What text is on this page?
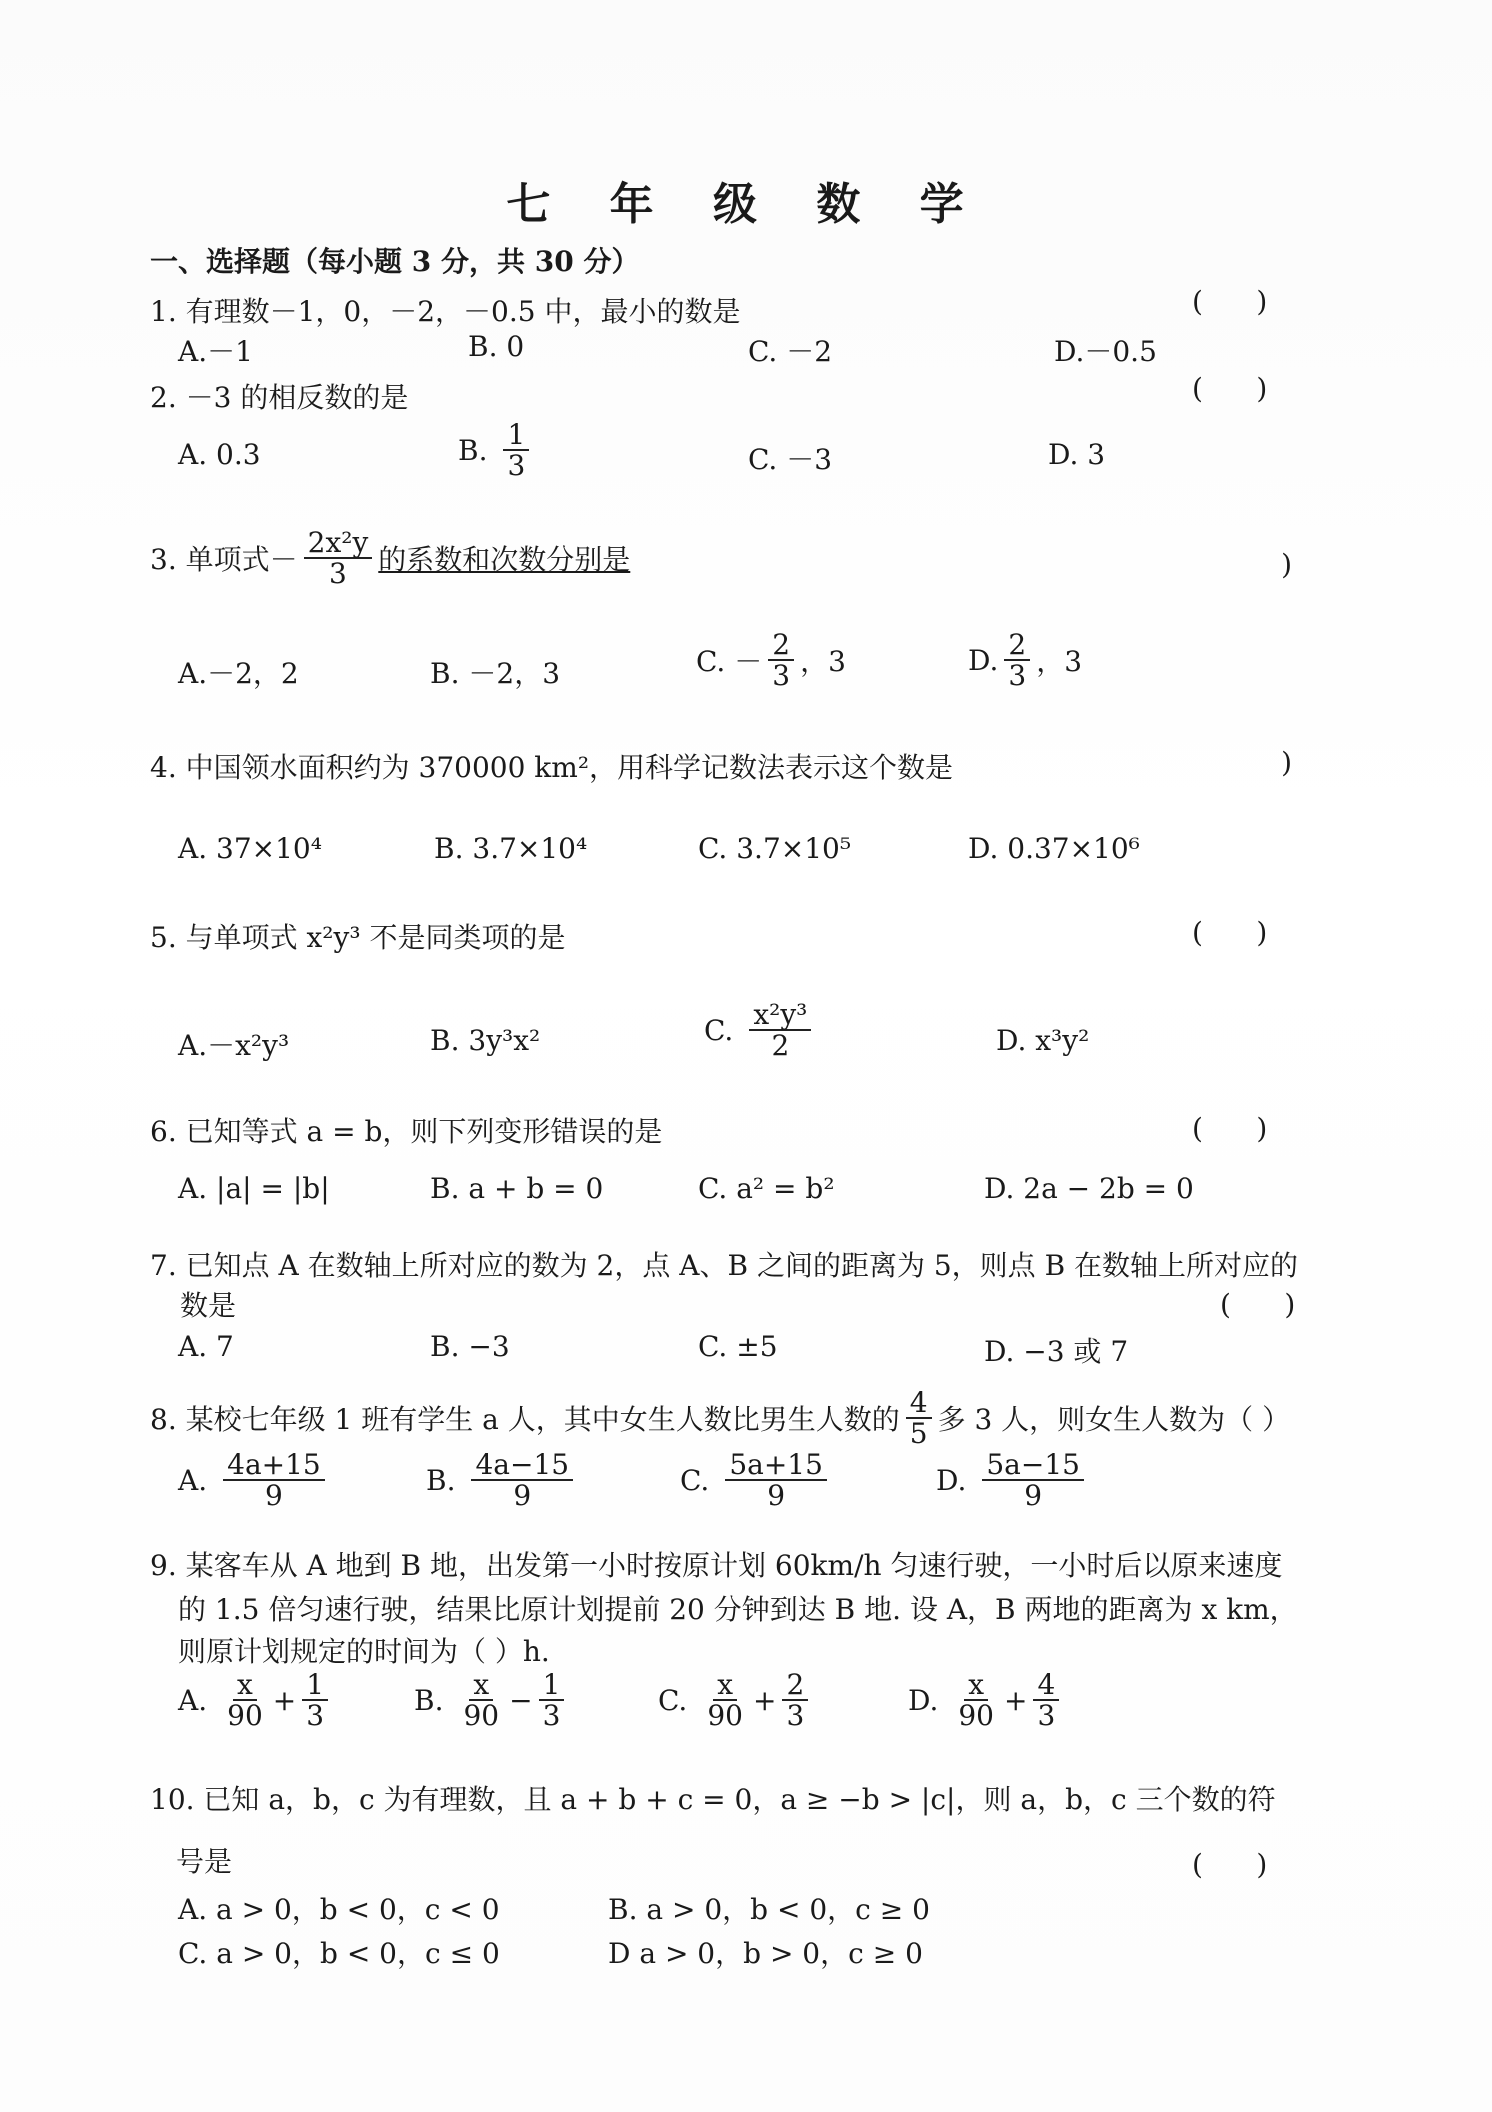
七 年 级 数 学
一、选择题（每小题 3 分，共 30 分）
1. 有理数－1，0，－2，－0.5 中，最小的数是	(      )
A.－1	B. 0	C. －2	D.－0.5
2. －3 的相反数的是	(      )
A. 0.3	B. $\frac{1}{3}$	C. －3	D. 3
3. 单项式－ $\frac{\text{2x²y}}{3}$ 的系数和次数分别是	)
A.－2，2	B. －2，3	C. － $\frac{2}{3}$ ，3	D. $\frac{2}{3}$ ，3
4. 中国领水面积约为 370000 km²，用科学记数法表示这个数是	)
A. 37×10⁴	B. 3.7×10⁴	C. 3.7×10⁵	D. 0.37×10⁶
5. 与单项式 x²y³ 不是同类项的是	(      )
A.－x²y³	B. 3y³x²	C. $\frac{\text{x²y³}}{2}$	D. x³y²
6. 已知等式 a = b，则下列变形错误的是	(      )
A. |a| = |b|	B. a + b = 0	C. a² = b²	D. 2a − 2b = 0
7. 已知点 A 在数轴上所对应的数为 2，点 A、B 之间的距离为 5，则点 B 在数轴上所对应的
数是	(      )
A. 7	B. −3	C. ±5	D. −3 或 7
8. 某校七年级 1 班有学生 a 人，其中女生人数比男生人数的 $\frac{4}{5}$ 多 3 人，则女生人数为（ ）
A. $\frac{4a+15}{9}$	B. $\frac{4a-15}{9}$	C. $\frac{5a+15}{9}$	D. $\frac{5a-15}{9}$
9. 某客车从 A 地到 B 地，出发第一小时按原计划 60km/h 匀速行驶，一小时后以原来速度
的 1.5 倍匀速行驶，结果比原计划提前 20 分钟到达 B 地. 设 A，B 两地的距离为 x km，
则原计划规定的时间为（ ）h.
A. $\frac{x}{90} + \frac{1}{3}$	B. $\frac{x}{90} - \frac{1}{3}$	C. $\frac{x}{90} + \frac{2}{3}$	D. $\frac{x}{90} + \frac{4}{3}$
10. 已知 a，b，c 为有理数，且 a + b + c = 0，a ≥ −b > |c|，则 a，b，c 三个数的符
号是	(      )
A. a > 0，b < 0，c < 0	B. a > 0，b < 0，c ≥ 0
C. a > 0，b < 0，c ≤ 0	D a > 0，b > 0，c ≥ 0
